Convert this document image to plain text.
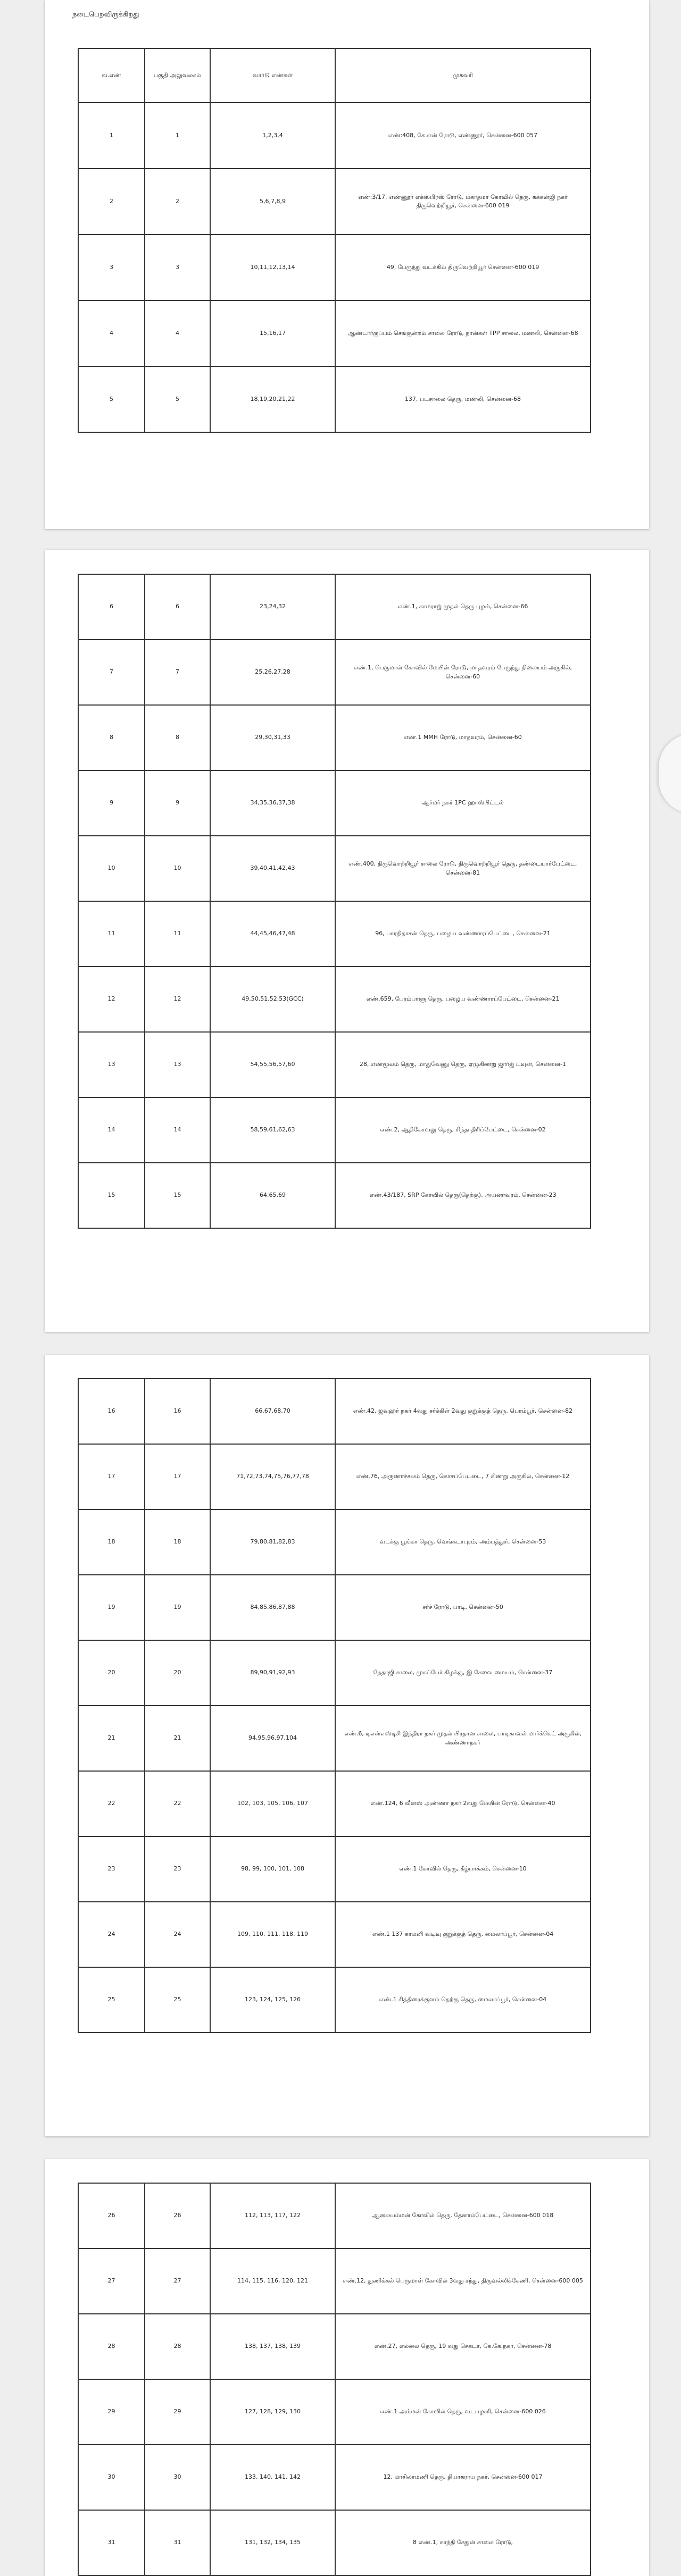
நடைபெறவிருக்கிறது
வ.எண்	பகுதி அலுவலகம்	வார்டு எண்கள்	முகவரி
1	1	1,2,3,4	எண்:408, கே.என் ரோடு, எண்ணூர், சென்னை-600 057
2	2	5,6,7,8,9	எண்:3/17, எண்ணூர் எக்ஸ்பிரஸ் ரோடு, மகாதமா கோவில் தெரு, கக்கன்ஜி நகர் திருவெற்றியூர், சென்னை-600 019
3	3	10,11,12,13,14	49, பேருந்து வடக்கில் திருவெற்றியூர் சென்னை-600 019
4	4	15,16,17	ஆண்டார்குப்பம் செங்குன்றம் சாலை ரோடு, நான்கள் TPP சாலை, மணலி, சென்னை-68
5	5	18,19,20,21,22	137, படசாலை தெரு, மணலி, சென்னை-68
6	6	23,24,32	எண்.1, காமராஜ் முதல் தெரு புழல், சென்னை-66
7	7	25,26,27,28	எண்.1, பெருமாள் கோவில் மேயின் ரோடு, மாதவரம் பேருந்து நிலையம் அருகில், சென்னை-60
8	8	29,30,31,33	எண்.1 MMH ரோடு, மாதவரம், சென்னை-60
9	9	34,35,36,37,38	ஆர்மர் நகர் 1PC ஹாஸ்பிட்டல்
10	10	39,40,41,42,43	எண்.400, திருவொற்றியூர் சாலை ரோடு, திருவொற்றியூர் தெரு, தண்டையார்பேட்டை, சென்னை-81
11	11	44,45,46,47,48	96, பாரதிதாசன் தெரு, பழைய வண்ணாரப்பேட்டை, சென்னை-21
12	12	49,50,51,52,53(GCC)	எண்.659, பேரம்பாளு தெரு, பழைய வண்ணாரப்பேட்டை, சென்னை-21
13	13	54,55,56,57,60	28, எண்மூலம் தெரு, மாதுவேணு தெரு, ஏழுகிணறு ஜார்ஜ் டவுன், சென்னை-1
14	14	58,59,61,62,63	எண்.2, ஆதிகேசவலு தெரு, சிந்தாதிரிப்பேட்டை, சென்னை-02
15	15	64,65,69	எண்.43/187, SRP கோவில் தெரு(தெற்கு), அயனாவரம், சென்னை-23
16	16	66,67,68,70	எண்.42, ஜவஹர் நகர் 4வது சர்க்கிள் 2வது குறுக்குத் தெரு, பெரம்பூர், சென்னை-82
17	17	71,72,73,74,75,76,77,78	எண்.76, அருணாச்சலம் தெரு, கொசப்பேட்டை, 7 கிணறு அருகில், சென்னை-12
18	18	79,80,81,82,83	வடக்கு பூங்கா தெரு, வெங்கடாபுரம், அம்பத்தூர், சென்னை-53
19	19	84,85,86,87,88	சர்ச் ரோடு, பாடி, சென்னை-50
20	20	89,90,91,92,93	நேதாஜி சாலை, முகப்பேர் கிழக்கு, இ சேவை மையம், சென்னை-37
21	21	94,95,96,97,104	எண்.6, டிஎன்எஸ்டிசி இந்திரா நகர் முதல் பிரதான சாலை, பாடிகாவல் மார்க்கெட் அருகில், அண்ணாநகர்
22	22	102, 103, 105, 106, 107	எண்.124, 6 வீனஸ் அண்ணா நகர் 2வது மேயின் ரோடு, சென்னை-40
23	23	98, 99, 100, 101, 108	எண்.1 கோவில் தெரு, கீழ்பாக்கம், சென்னை-10
24	24	109, 110, 111, 118, 119	எண்.1 137 காமனி வடிவு குறுக்குத் தெரு, மைலாப்பூர், சென்னை-04
25	25	123, 124, 125, 126	எண்.1 சித்திரைக்குளம் தெற்கு தெரு, மைலாப்பூர், சென்னை-04
26	26	112, 113, 117, 122	ஆலையம்மன் கோவில் தெரு, தேனாம்பேட்டை, சென்னை-600 018
27	27	114, 115, 116, 120, 121	எண்.12, துணிக்கல் பெருமாள் கோவில் 3வது சந்து, திருவல்லிக்கேணி, சென்னை-600 005
28	28	138, 137, 138, 139	எண்.27, எல்லை தெரு, 19 வது செக்டர், கே.கே.நகர், சென்னை-78
29	29	127, 128, 129, 130	எண்.1 அம்மன் கோவில் தெரு, வடபழனி, சென்னை-600 026
30	30	133, 140, 141, 142	12, மாசிலாமணி தெரு, தியாகராய நகர், சென்னை-600 017
31	31	131, 132, 134, 135	8 எண்.1, காந்தி சேதுன் சாலை ரோடு,
